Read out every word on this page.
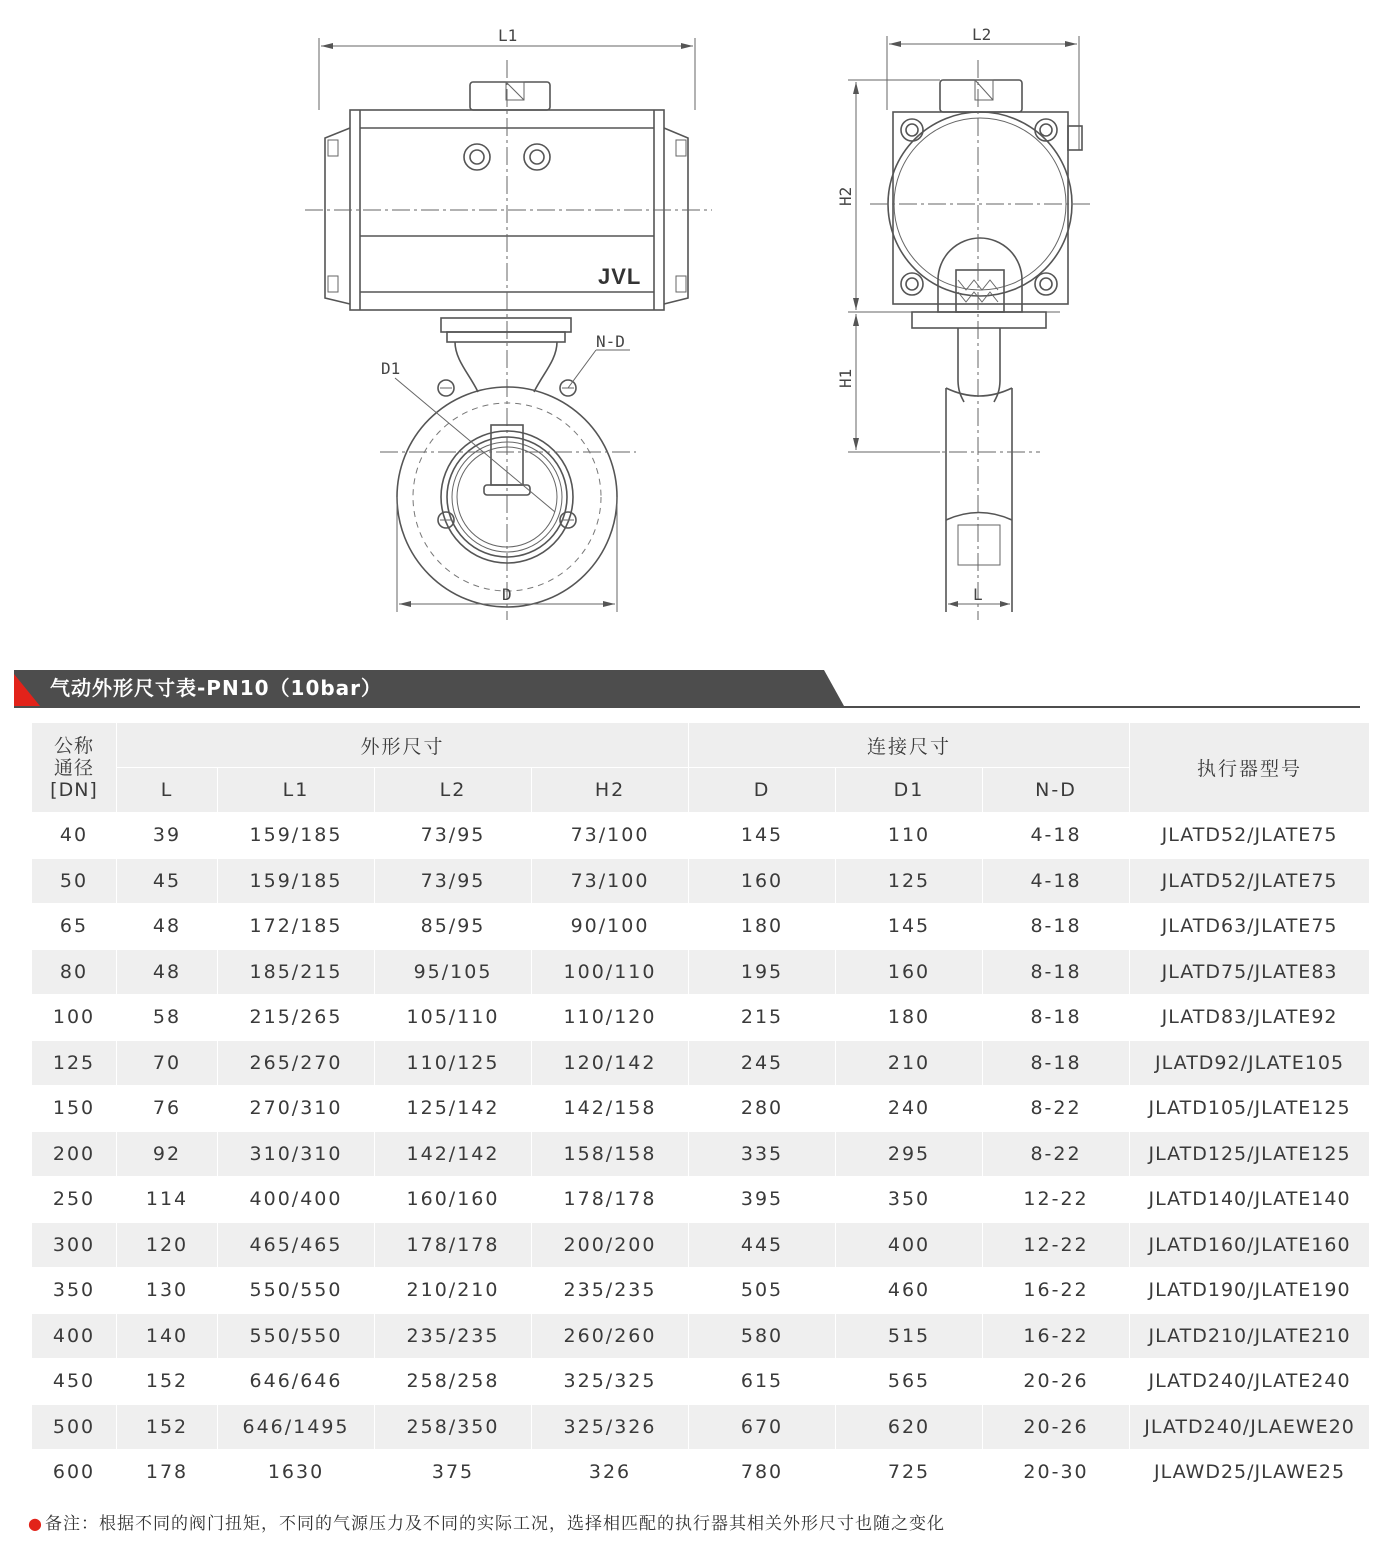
L1
JVL
D1
N-D
D
L2
H2
H1
L
气动外形尺寸表-PN10（10bar）
公称
通径
[DN]	外形尺寸				连接尺寸			执行器型号
	L	L1	L2	H2	D	D1	N-D	
40	39	159/185	73/95	73/100	145	110	4-18	JLATD52/JLATE75
50	45	159/185	73/95	73/100	160	125	4-18	JLATD52/JLATE75
65	48	172/185	85/95	90/100	180	145	8-18	JLATD63/JLATE75
80	48	185/215	95/105	100/110	195	160	8-18	JLATD75/JLATE83
100	58	215/265	105/110	110/120	215	180	8-18	JLATD83/JLATE92
125	70	265/270	110/125	120/142	245	210	8-18	JLATD92/JLATE105
150	76	270/310	125/142	142/158	280	240	8-22	JLATD105/JLATE125
200	92	310/310	142/142	158/158	335	295	8-22	JLATD125/JLATE125
250	114	400/400	160/160	178/178	395	350	12-22	JLATD140/JLATE140
300	120	465/465	178/178	200/200	445	400	12-22	JLATD160/JLATE160
350	130	550/550	210/210	235/235	505	460	16-22	JLATD190/JLATE190
400	140	550/550	235/235	260/260	580	515	16-22	JLATD210/JLATE210
450	152	646/646	258/258	325/325	615	565	20-26	JLATD240/JLATE240
500	152	646/1495	258/350	325/326	670	620	20-26	JLATD240/JLAEWE20
600	178	1630	375	326	780	725	20-30	JLAWD25/JLAWE25
● 备注：根据不同的阀门扭矩，不同的气源压力及不同的实际工况，选择相匹配的执行器其相关外形尺寸也随之变化
